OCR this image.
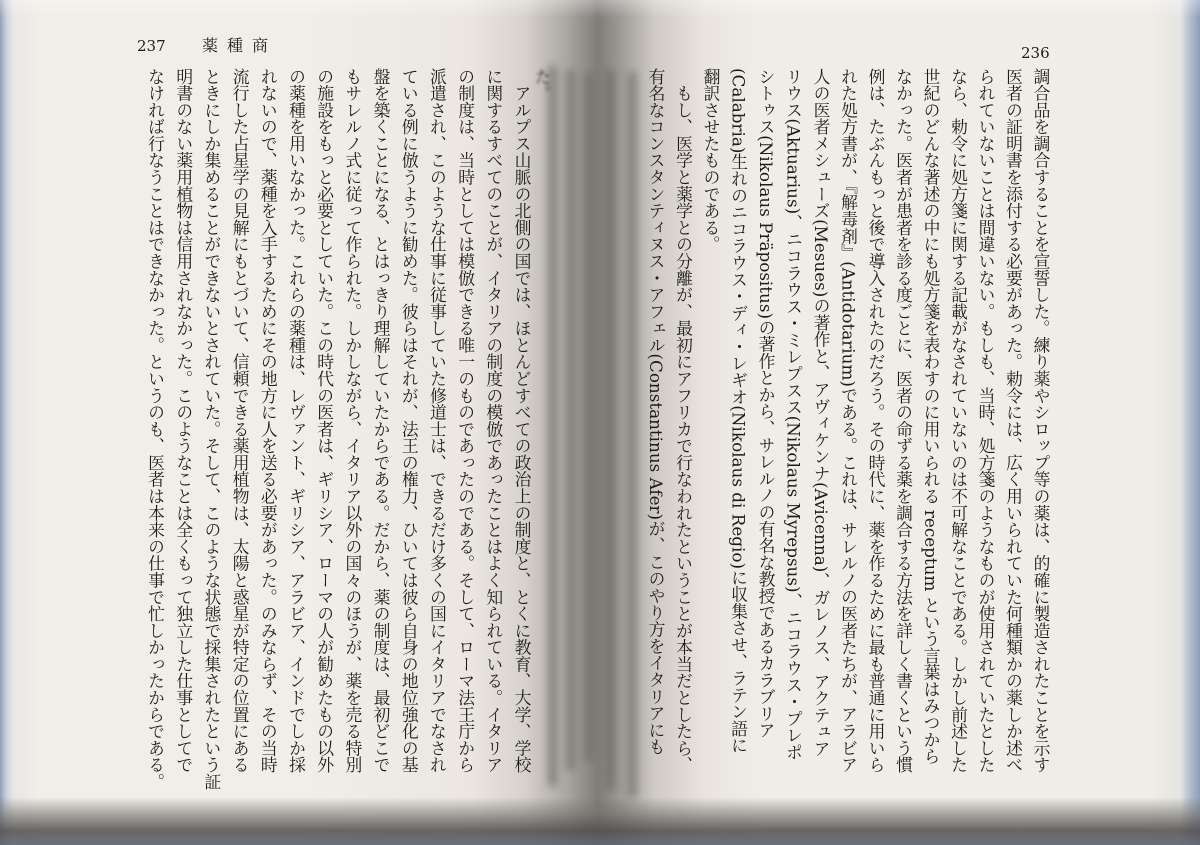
237 薬種商
た。
　アルプス山脈の北側の国では、ほとんどすべての政治上の制度と、とくに教育、大学、学校
に関するすべてのことが、イタリアの制度の模倣であったことはよく知られている。イタリア
の制度は、当時としては模倣できる唯一のものであったのである。そして、ローマ法王庁から
派遣され、このような仕事に従事していた修道士は、できるだけ多くの国にイタリアでなされ
ている例に倣うように勧めた。彼らはそれが、法王の権力、ひいては彼ら自身の地位強化の基
盤を築くことになる、とはっきり理解していたからである。だから、薬の制度は、最初どこで
もサレルノ式に従って作られた。しかしながら、イタリア以外の国々のほうが、薬を売る特別
の施設をもっと必要としていた。この時代の医者は、ギリシア、ローマの人が勧めたもの以外
の薬種を用いなかった。これらの薬種は、レヴァント、ギリシア、アラビア、インドでしか採
れないので、薬種を入手するためにその地方に人を送る必要があった。のみならず、その当時
流行した占星学の見解にもとづいて、信頼できる薬用植物は、太陽と惑星が特定の位置にある
ときにしか集めることができないとされていた。そして、このような状態で採集されたという証
明書のない薬用植物は信用されなかった。このようなことは全くもって独立した仕事としてで
なければ行なうことはできなかった。というのも、医者は本来の仕事で忙しかったからである。
236
調合品を調合することを宣誓した。練り薬やシロップ等の薬は、的確に製造されたことを示す
医者の証明書を添付する必要があった。勅令には、広く用いられていた何種類かの薬しか述べ
られていないことは間違いない。もしも、当時、処方箋のようなものが使用されていたとした
なら、勅令に処方箋に関する記載がなされていないのは不可解なことである。しかし前述した
世紀のどんな著述の中にも処方箋を表わすのに用いられる receptum という言葉はみつから
なかった。医者が患者を診る度ごとに、医者の命ずる薬を調合する方法を詳しく書くという慣
例は、たぶんもっと後で導入されたのだろう。その時代に、薬を作るために最も普通に用いら
れた処方書が、『解毒剤』(Antidotarium)である。これは、サレルノの医者たちが、アラビア
人の医者メシューズ(Mesues)の著作と、アヴィケンナ(Avicenna)、ガレノス、アクテュア
リウス(Aktuarius)、ニコラウス・ミレプスス(Nikolaus Myrepsus)、ニコラウス・プレポ
シトゥス(Nikolaus Präpositus)の著作とから、サレルノの有名な教授であるカラブリア
(Calabria)生れのニコラウス・ディ・レギオ(Nikolaus di Regio)に収集させ、ラテン語に
翻訳させたものである。
　もし、医学と薬学との分離が、最初にアフリカで行なわれたということが本当だとしたら、
有名なコンスタンティヌス・アフェル(Constantinus Afer)が、このやり方をイタリアにも
